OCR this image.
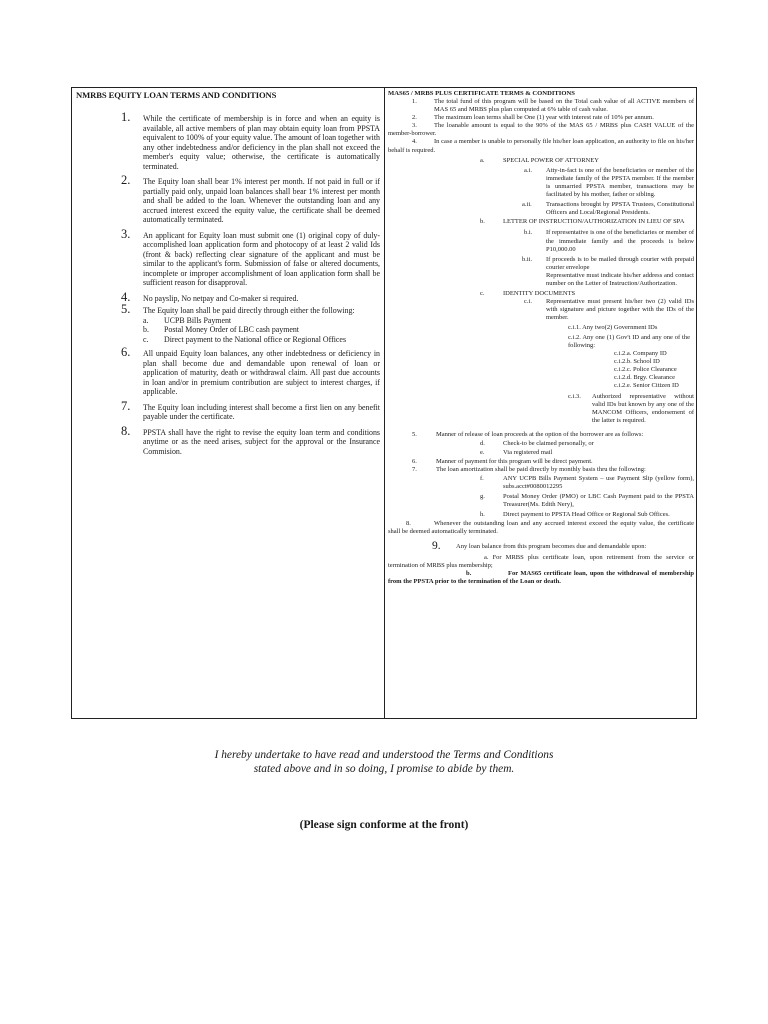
NMRBS EQUITY LOAN TERMS AND CONDITIONS

1. While the certificate of membership is in force and when an equity is available, all active members of plan may obtain equity loan from PPSTA equivalent to 100% of your equity value. The amount of loan together with any other indebtedness and/or deficiency in the plan shall not exceed the member's equity value; otherwise, the certificate is automatically terminated.

2. The Equity loan shall bear 1% interest per month. If not paid in full or if partially paid only, unpaid loan balances shall bear 1% interest per month and shall be added to the loan. Whenever the outstanding loan and any accrued interest exceed the equity value, the certificate shall be deemed automatically terminated.

3. An applicant for Equity loan must submit one (1) original copy of duly-accomplished loan application form and photocopy of at least 2 valid Ids (front & back) reflecting clear signature of the applicant and must be similar to the applicant's form. Submission of false or altered documents, incomplete or improper accomplishment of loan application form shall be sufficient reason for disapproval.

4. No payslip, No netpay and Co-maker si required.

5. The Equity loan shall be paid directly through either the following:

a.	UCPB Bills Payment
b.	Postal Money Order of LBC cash payment
c.	Direct payment to the National office or Regional Offices

6. All unpaid Equity loan balances, any other indebtedness or deficiency in plan shall become due and demandable upon renewal of loan or application of maturity, death or withdrawal claim. All past due accounts in loan and/or in premium contribution are subject to interest charges, if applicable.

7. The Equity loan including interest shall become a first lien on any benefit payable under the certificate.

8. PPSTA shall have the right to revise the equity loan term and conditions anytime or as the need arises, subject for the approval or the Insurance Commision.

MAS65 / MRBS PLUS CERTIFICATE TERMS & CONDITIONS

1.	The total fund of this program will be based on the Total cash value of all ACTIVE members of MAS 65 and MRBS plus plan computed at 6% table of cash value.
2.	The maximum loan terms shall be One (1) year with interest rate of 10% per annum.
3.	The loanable amount is equal to the 90% of the MAS 65 / MRBS plus CASH VALUE of the member-borrower.
4.	In case a member is unable to personally file his/her loan application, an authority to file on his/her behalf is required.
a.	SPECIAL POWER OF ATTORNEY
a.i. Atty-in-fact is one of the beneficiaries or member of the immediate family of the PPSTA member. If the member is unmarried PPSTA member, transactions may be facilitated by his mother, father or sibling.
a.ii. Transactions brought by PPSTA Trustees, Constitutional Officers and Local/Regional Presidents.
b.	LETTER OF INSTRUCTION/AUTHORIZATION IN LIEU OF SPA
b.i. If representative is one of the beneficiaries or member of the immediate family and the proceeds is below P10,000.00
b.ii. If proceeds is to be mailed through courier with prepaid courier envelope
Representative must indicate his/her address and contact number on the Letter of Instruction/Authorization.
c.	IDENTITY DOCUMENTS
c.i. Representative must present his/her two (2) valid IDs with signature and picture together with the IDs of the member.
c.i.1. Any two(2) Government IDs
c.i.2. Any one (1) Gov't ID and any one of the following:
c.i.2.a. Company ID
c.i.2.b. School ID
c.i.2.c. Police Clearance
c.i.2.d. Brgy. Clearance
c.i.2.e. Senior Citizen ID
c.i.3. Authorized representative without valid IDs but known by any one of the MANCOM Officers, endorsement of the latter is required.
5.	Manner of release of loan proceeds at the option of the borrower are as follows:
d.	Check-to be claimed personally, or
e.	Via registered mail
6.	Manner of payment for this program will be direct payment.
7.	The loan amortization shall be paid directly by monthly basis thru the following:
f.	ANY UCPB Bills Payment System – use Payment Slip (yellow form), subs.acct#0080012295
g.	Postal Money Order (PMO) or LBC Cash Payment paid to the PPSTA Treasurer(Ms. Edith Nery),
h.	Direct payment to PPSTA Head Office or Regional Sub Offices.
8.	Whenever the outstanding loan and any accrued interest exceed the equity value, the certificate shall be deemed automatically terminated.
9. Any loan balance from this program becomes due and demandable upon:
a. For MRBS plus certificate loan, upon retirement from the service or termination of MRBS plus membership;
b.	For MAS65 certificate loan, upon the withdrawal of membership from the PPSTA prior to the termination of the Loan or death.
I hereby undertake to have read and understood the Terms and Conditions
stated above and in so doing, I promise to abide by them.
(Please sign conforme at the front)
